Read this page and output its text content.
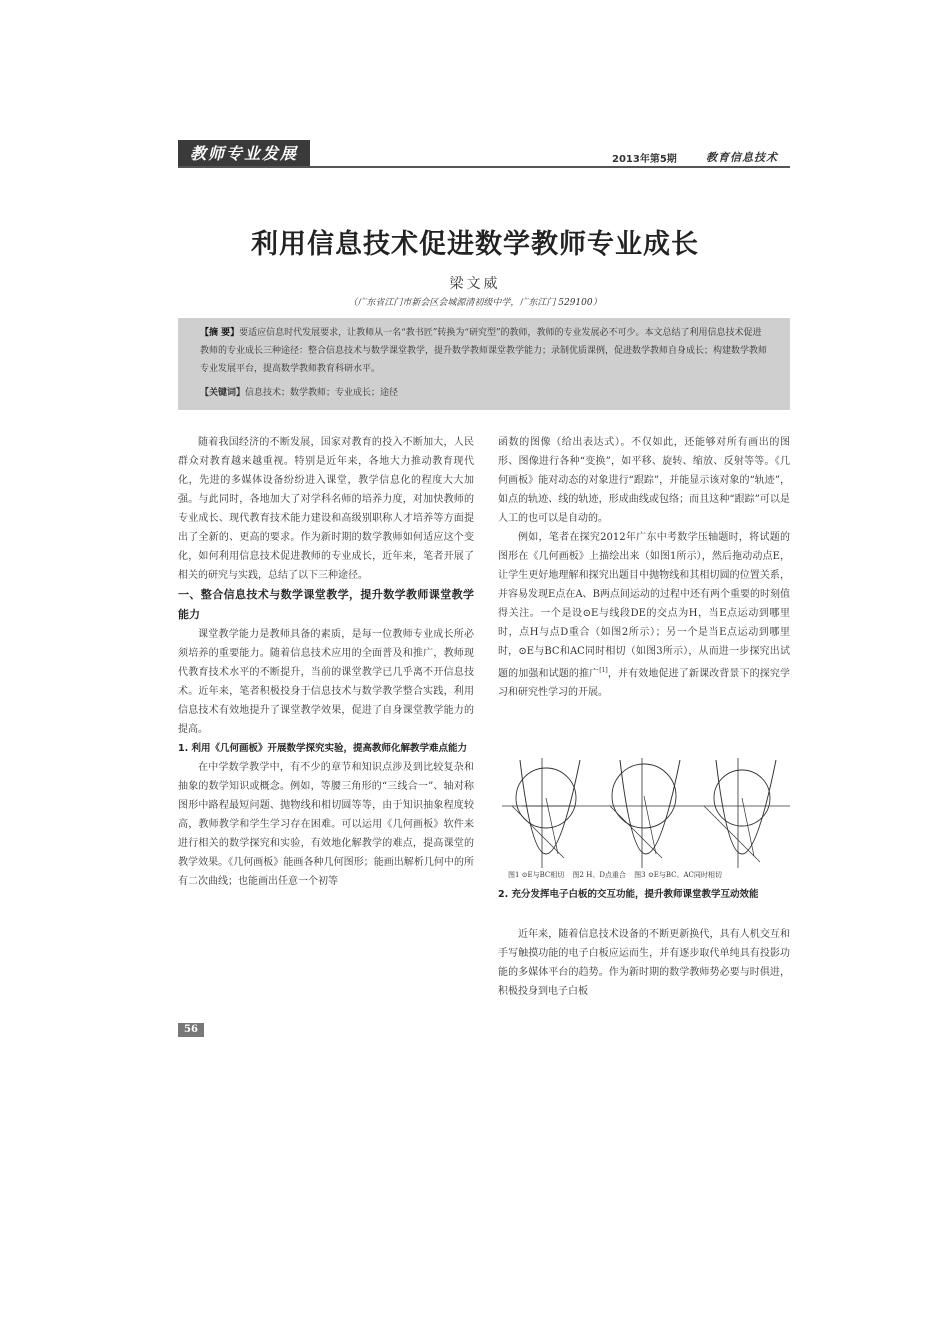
教师专业发展	2013年第5期	教育信息技术
利用信息技术促进数学教师专业成长
梁文威
（广东省江门市新会区会城源清初级中学，广东江门 529100）
【摘 要】要适应信息时代发展要求，让教师从一名“教书匠”转换为“研究型”的教师，教师的专业发展必不可少。本文总结了利用信息技术促进教师的专业成长三种途径：整合信息技术与数学课堂教学，提升数学教师课堂教学能力；录制优质课例，促进数学教师自身成长；构建数学教师专业发展平台，提高数学教师教育科研水平。
【关键词】信息技术；数学教师；专业成长；途径

随着我国经济的不断发展，国家对教育的投入不断加大，人民群众对教育越来越重视。特别是近年来，各地大力推动教育现代化，先进的多媒体设备纷纷进入课堂，教学信息化的程度大大加强。与此同时，各地加大了对学科名师的培养力度，对加快教师的专业成长、现代教育技术能力建设和高级别职称人才培养等方面提出了全新的、更高的要求。作为新时期的数学教师如何适应这个变化，如何利用信息技术促进教师的专业成长，近年来，笔者开展了相关的研究与实践，总结了以下三种途径。

一、整合信息技术与数学课堂教学，提升数学教师课堂教学能力

课堂教学能力是教师具备的素质，是每一位教师专业成长所必须培养的重要能力。随着信息技术应用的全面普及和推广，教师现代教育技术水平的不断提升，当前的课堂教学已几乎离不开信息技术。近年来，笔者积极投身于信息技术与数学教学整合实践，利用信息技术有效地提升了课堂教学效果，促进了自身课堂教学能力的提高。

1. 利用《几何画板》开展数学探究实验，提高教师化解教学难点能力

在中学数学教学中，有不少的章节和知识点涉及到比较复杂和抽象的数学知识或概念。例如，等腰三角形的“三线合一”、轴对称图形中路程最短问题、抛物线和相切圆等等，由于知识抽象程度较高，教师教学和学生学习存在困难。可以运用《几何画板》软件来进行相关的数学探究和实验，有效地化解教学的难点，提高课堂的教学效果。《几何画板》能画各种几何图形；能画出解析几何中的所有二次曲线；也能画出任意一个初等

函数的图像（给出表达式）。不仅如此，还能够对所有画出的图形、图像进行各种“变换”，如平移、旋转、缩放、反射等等。《几何画板》能对动态的对象进行“跟踪”，并能显示该对象的“轨迹”，如点的轨迹、线的轨迹，形成曲线或包络；而且这种“跟踪”可以是人工的也可以是自动的。

例如，笔者在探究2012年广东中考数学压轴题时，将试题的图形在《几何画板》上描绘出来（如图1所示），然后拖动动点E，让学生更好地理解和探究出题目中抛物线和其相切圆的位置关系，并容易发现E点在A、B两点间运动的过程中还有两个重要的时刻值得关注。一个是设⊙E与线段DE的交点为H，当E点运动到哪里时，点H与点D重合（如图2所示）；另一个是当E点运动到哪里时，⊙E与BC和AC同时相切（如图3所示），从而进一步探究出试题的加强和试题的推广[1]，并有效地促进了新课改背景下的探究学习和研究性学习的开展。

图1 ⊙E与BC相切 图2 H、D点重合 图3 ⊙E与BC、AC同时相切
2. 充分发挥电子白板的交互功能，提升教师课堂教学互动效能

近年来，随着信息技术设备的不断更新换代，具有人机交互和手写触摸功能的电子白板应运而生，并有逐步取代单纯具有投影功能的多媒体平台的趋势。作为新时期的数学教师势必要与时俱进，积极投身到电子白板

56
